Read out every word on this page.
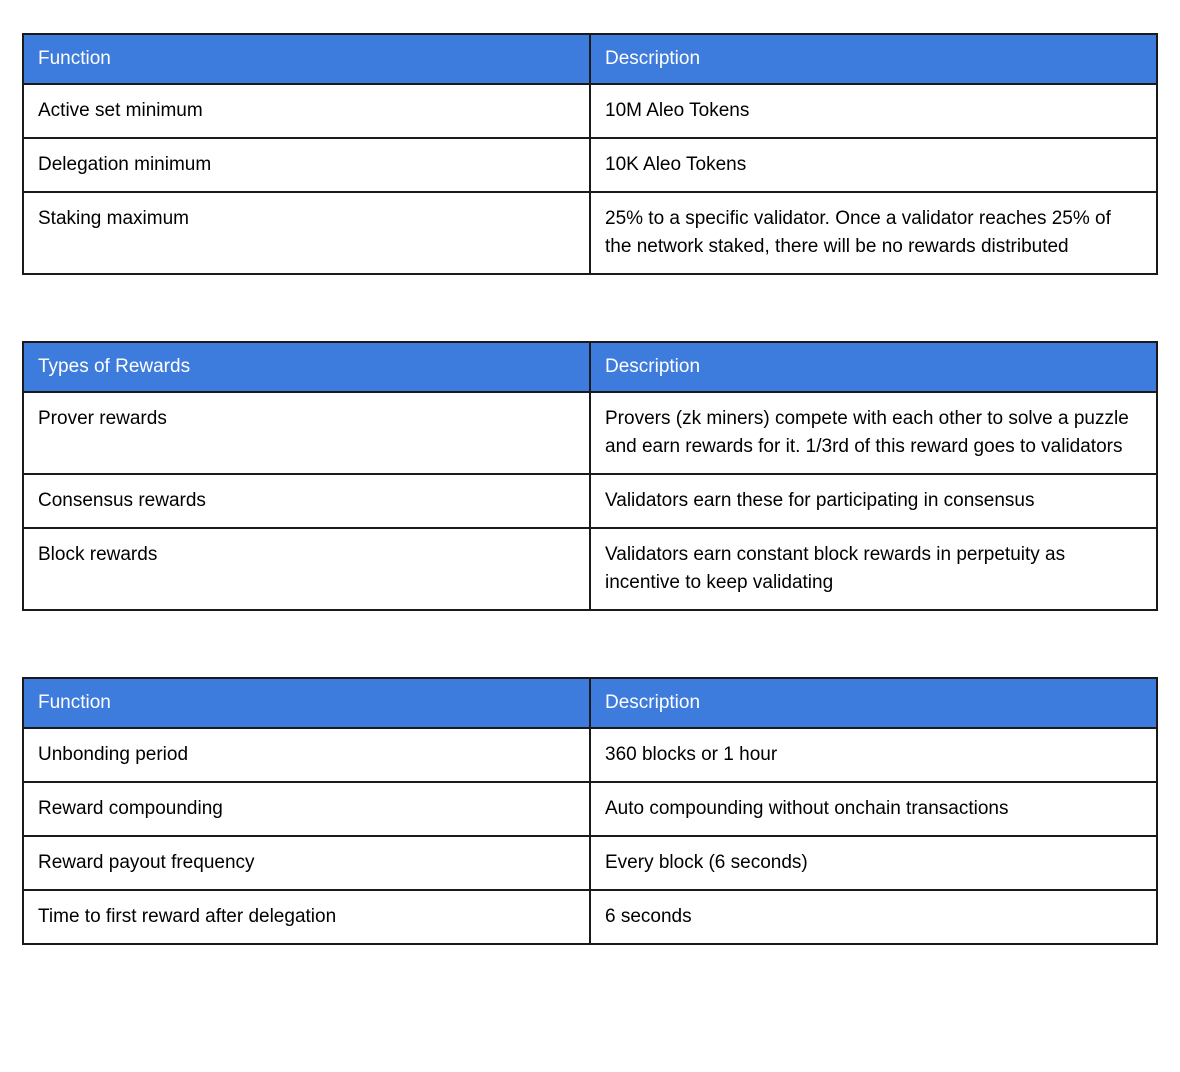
Function	Description
Active set minimum	10M Aleo Tokens
Delegation minimum	10K Aleo Tokens
Staking maximum	25% to a specific validator. Once a validator reaches 25% of the network staked, there will be no rewards distributed
Types of Rewards	Description
Prover rewards	Provers (zk miners) compete with each other to solve a puzzle and earn rewards for it. 1/3rd of this reward goes to validators
Consensus rewards	Validators earn these for participating in consensus
Block rewards	Validators earn constant block rewards in perpetuity as incentive to keep validating
Function	Description
Unbonding period	360 blocks or 1 hour
Reward compounding	Auto compounding without onchain transactions
Reward payout frequency	Every block (6 seconds)
Time to first reward after delegation	6 seconds
